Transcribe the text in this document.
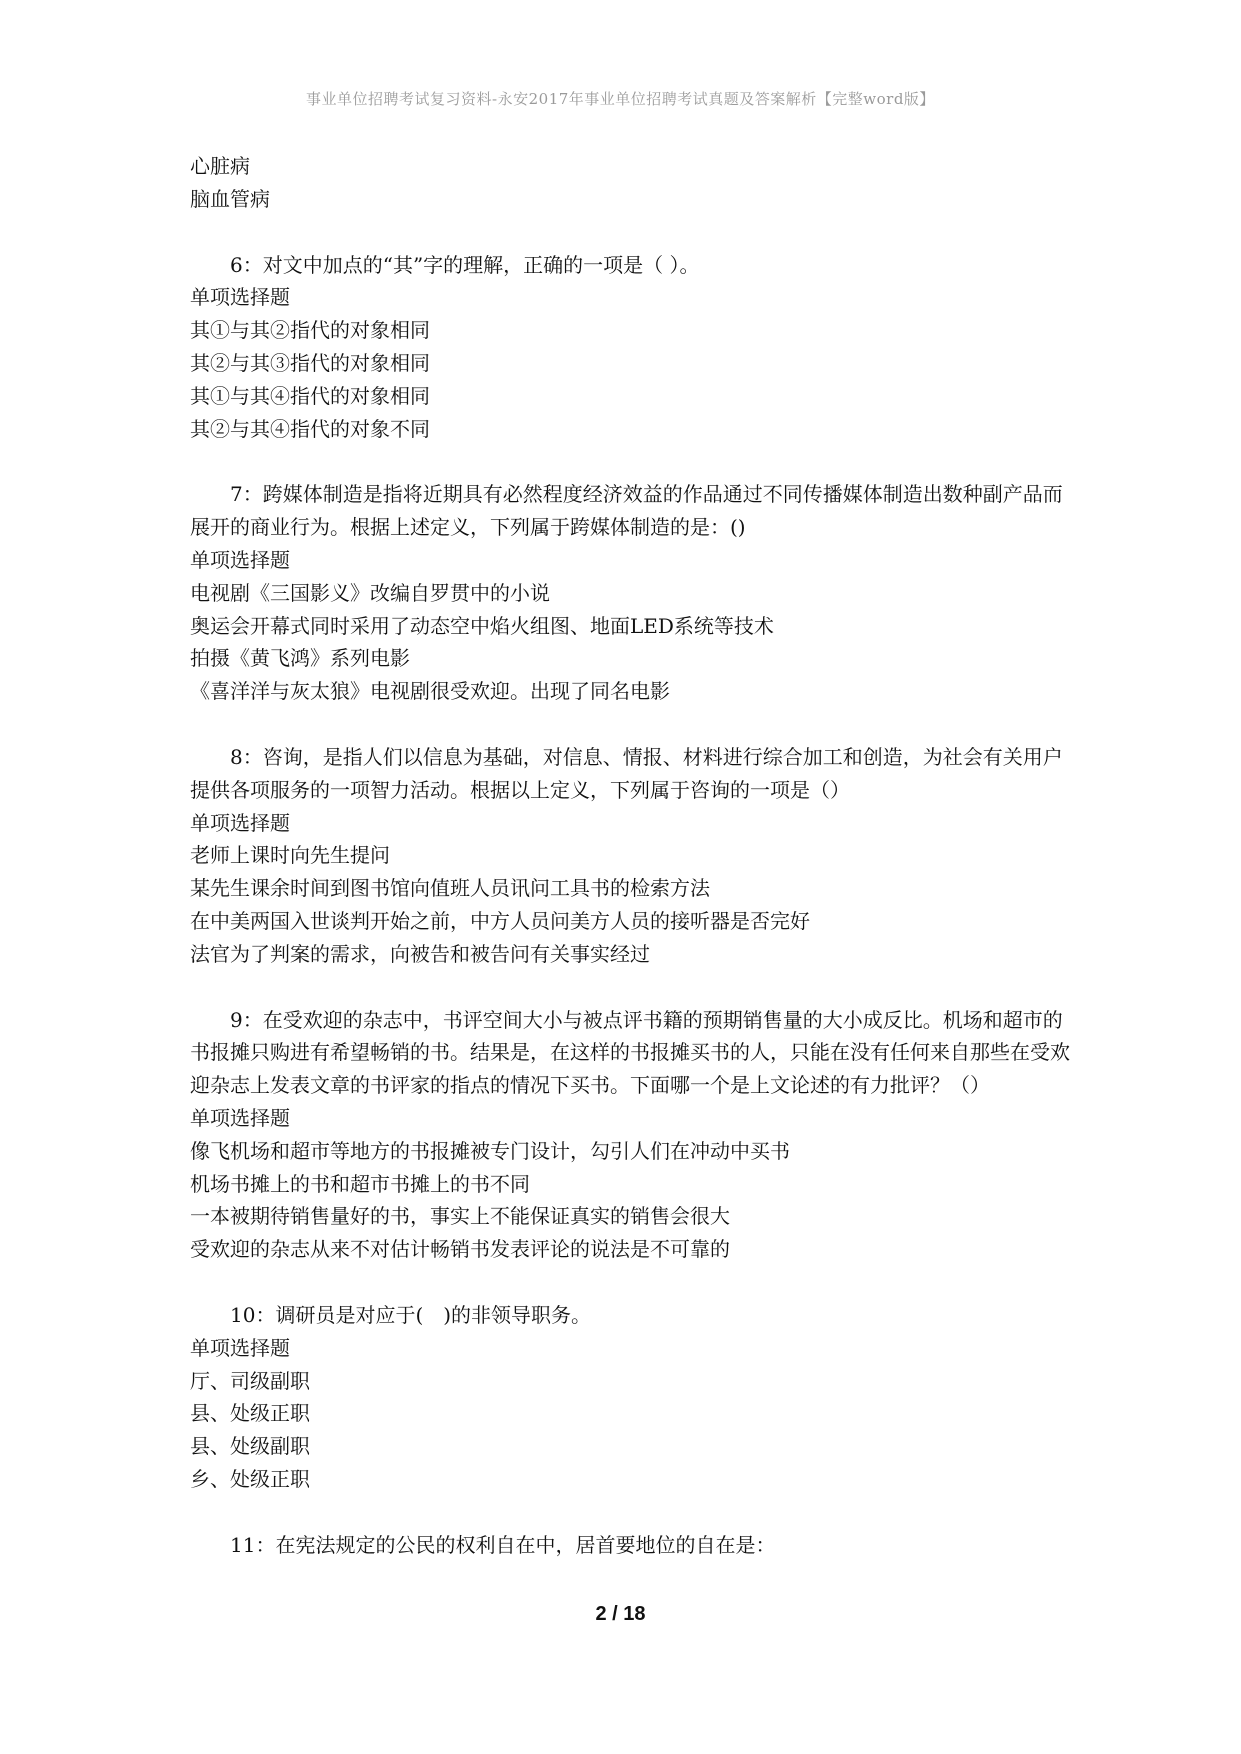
事业单位招聘考试复习资料-永安2017年事业单位招聘考试真题及答案解析【完整word版】

心脏病

脑血管病

6：对文中加点的“其”字的理解，正确的一项是（ ）。

单项选择题

其①与其②指代的对象相同

其②与其③指代的对象相同

其①与其④指代的对象相同

其②与其④指代的对象不同

7：跨媒体制造是指将近期具有必然程度经济效益的作品通过不同传播媒体制造出数种副产品而展开的商业行为。根据上述定义，下列属于跨媒体制造的是：()

单项选择题

电视剧《三国影义》改编自罗贯中的小说

奥运会开幕式同时采用了动态空中焰火组图、地面LED系统等技术

拍摄《黄飞鸿》系列电影

《喜洋洋与灰太狼》电视剧很受欢迎。出现了同名电影

8：咨询，是指人们以信息为基础，对信息、情报、材料进行综合加工和创造，为社会有关用户提供各项服务的一项智力活动。根据以上定义，下列属于咨询的一项是（）

单项选择题

老师上课时向先生提问

某先生课余时间到图书馆向值班人员讯问工具书的检索方法

在中美两国入世谈判开始之前，中方人员问美方人员的接听器是否完好

法官为了判案的需求，向被告和被告问有关事实经过

9：在受欢迎的杂志中，书评空间大小与被点评书籍的预期销售量的大小成反比。机场和超市的书报摊只购进有希望畅销的书。结果是，在这样的书报摊买书的人，只能在没有任何来自那些在受欢迎杂志上发表文章的书评家的指点的情况下买书。下面哪一个是上文论述的有力批评？（）

单项选择题

像飞机场和超市等地方的书报摊被专门设计，勾引人们在冲动中买书

机场书摊上的书和超市书摊上的书不同

一本被期待销售量好的书，事实上不能保证真实的销售会很大

受欢迎的杂志从来不对估计畅销书发表评论的说法是不可靠的

10：调研员是对应于(　)的非领导职务。

单项选择题

厅、司级副职

县、处级正职

县、处级副职

乡、处级正职

11：在宪法规定的公民的权利自在中，居首要地位的自在是：

2 / 18
